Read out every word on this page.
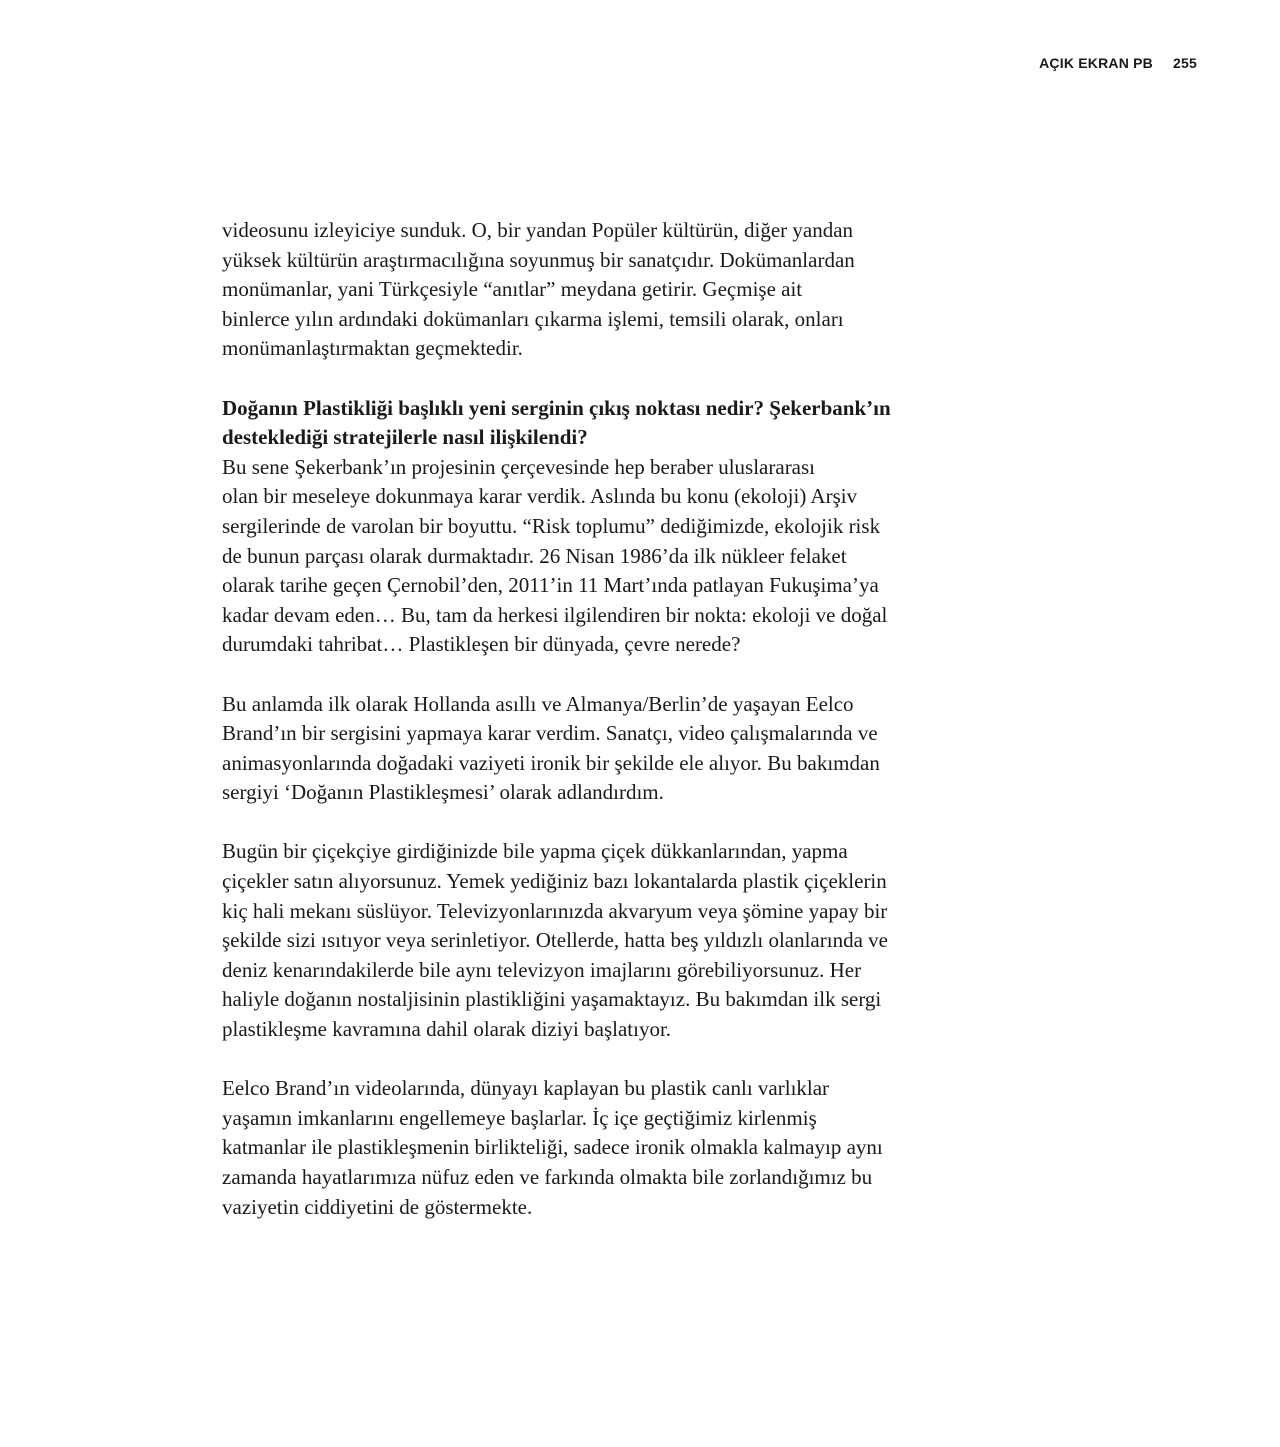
AÇIK EKRAN PB 255
videosunu izleyiciye sunduk. O, bir yandan Popüler kültürün, diğer yandan
yüksek kültürün araştırmacılığına soyunmuş bir sanatçıdır. Dokümanlardan
monümanlar, yani Türkçesiyle “anıtlar” meydana getirir. Geçmişe ait
binlerce yılın ardındaki dokümanları çıkarma işlemi, temsili olarak, onları
monümanlaştırmaktan geçmektedir.
Doğanın Plastikliği başlıklı yeni serginin çıkış noktası nedir? Şekerbank’ın
desteklediği stratejilerle nasıl ilişkilendi?
Bu sene Şekerbank’ın projesinin çerçevesinde hep beraber uluslararası
olan bir meseleye dokunmaya karar verdik. Aslında bu konu (ekoloji) Arşiv
sergilerinde de varolan bir boyuttu. “Risk toplumu” dediğimizde, ekolojik risk
de bunun parçası olarak durmaktadır. 26 Nisan 1986’da ilk nükleer felaket
olarak tarihe geçen Çernobil’den, 2011’in 11 Mart’ında patlayan Fukuşima’ya
kadar devam eden… Bu, tam da herkesi ilgilendiren bir nokta: ekoloji ve doğal
durumdaki tahribat… Plastikleşen bir dünyada, çevre nerede?
Bu anlamda ilk olarak Hollanda asıllı ve Almanya/Berlin’de yaşayan Eelco
Brand’ın bir sergisini yapmaya karar verdim. Sanatçı, video çalışmalarında ve
animasyonlarında doğadaki vaziyeti ironik bir şekilde ele alıyor. Bu bakımdan
sergiyi ‘Doğanın Plastikleşmesi’ olarak adlandırdım.
Bugün bir çiçekçiye girdiğinizde bile yapma çiçek dükkanlarından, yapma
çiçekler satın alıyorsunuz. Yemek yediğiniz bazı lokantalarda plastik çiçeklerin
kiç hali mekanı süslüyor. Televizyonlarınızda akvaryum veya şömine yapay bir
şekilde sizi ısıtıyor veya serinletiyor. Otellerde, hatta beş yıldızlı olanlarında ve
deniz kenarındakilerde bile aynı televizyon imajlarını görebiliyorsunuz. Her
haliyle doğanın nostaljisinin plastikliğini yaşamaktayız. Bu bakımdan ilk sergi
plastikleşme kavramına dahil olarak diziyi başlatıyor.
Eelco Brand’ın videolarında, dünyayı kaplayan bu plastik canlı varlıklar
yaşamın imkanlarını engellemeye başlarlar. İç içe geçtiğimiz kirlenmiş
katmanlar ile plastikleşmenin birlikteliği, sadece ironik olmakla kalmayıp aynı
zamanda hayatlarımıza nüfuz eden ve farkında olmakta bile zorlandığımız bu
vaziyetin ciddiyetini de göstermekte.
